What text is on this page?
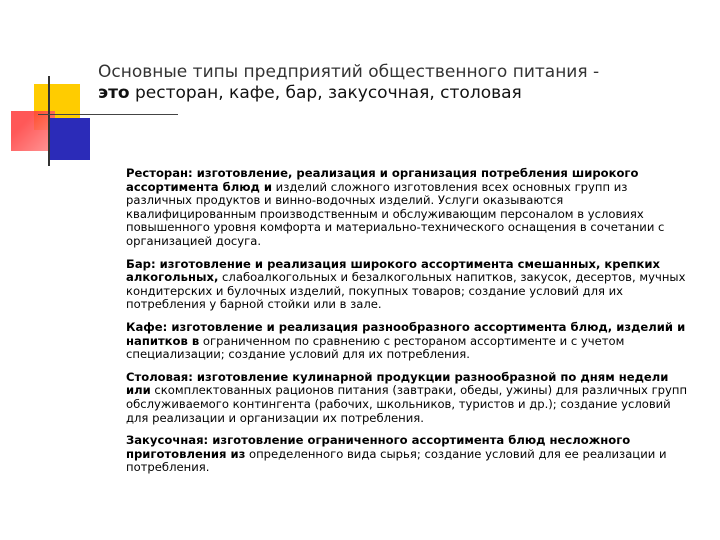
Основные типы предприятий общественного питания -
это ресторан, кафе, бар, закусочная, столовая

Ресторан: изготовление, реализация и организация потребления широкого ассортимента блюд и изделий сложного изготовления всех основных групп из различных продуктов и винно-водочных изделий. Услуги оказываются квалифицированным производственным и обслуживающим персоналом в условиях повышенного уровня комфорта и материально-технического оснащения в сочетании с организацией досуга.

Бар: изготовление и реализация широкого ассортимента смешанных, крепких алкогольных, слабоалкогольных и безалкогольных напитков, закусок, десертов, мучных кондитерских и булочных изделий, покупных товаров; создание условий для их потребления у барной стойки или в зале.

Кафе: изготовление и реализация разнообразного ассортимента блюд, изделий и напитков в ограниченном по сравнению с рестораном ассортименте и с учетом специализации; создание условий для их потребления.

Столовая: изготовление кулинарной продукции разнообразной по дням недели или скомплектованных рационов питания (завтраки, обеды, ужины) для различных групп обслуживаемого контингента (рабочих, школьников, туристов и др.); создание условий для реализации и организации их потребления.

Закусочная: изготовление ограниченного ассортимента блюд несложного приготовления из определенного вида сырья; создание условий для ее реализации и потребления.
